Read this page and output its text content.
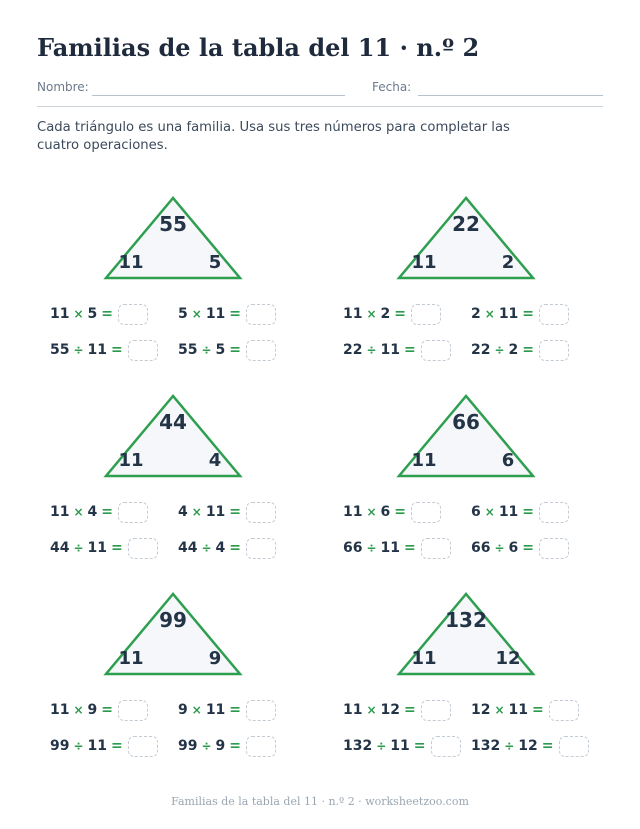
Familias de la tabla del 11 · n.º 2
Nombre:	Fecha:
Cada triángulo es una familia. Usa sus tres números para completar las cuatro operaciones.
55
11	5
11 × 5 =	5 × 11 =
55 ÷ 11 =	55 ÷ 5 =
22
11	2
11 × 2 =	2 × 11 =
22 ÷ 11 =	22 ÷ 2 =
44
11	4
11 × 4 =	4 × 11 =
44 ÷ 11 =	44 ÷ 4 =
66
11	6
11 × 6 =	6 × 11 =
66 ÷ 11 =	66 ÷ 6 =
99
11	9
11 × 9 =	9 × 11 =
99 ÷ 11 =	99 ÷ 9 =
132
11	12
11 × 12 =	12 × 11 =
132 ÷ 11 =	132 ÷ 12 =
Familias de la tabla del 11 · n.º 2 · worksheetzoo.com
